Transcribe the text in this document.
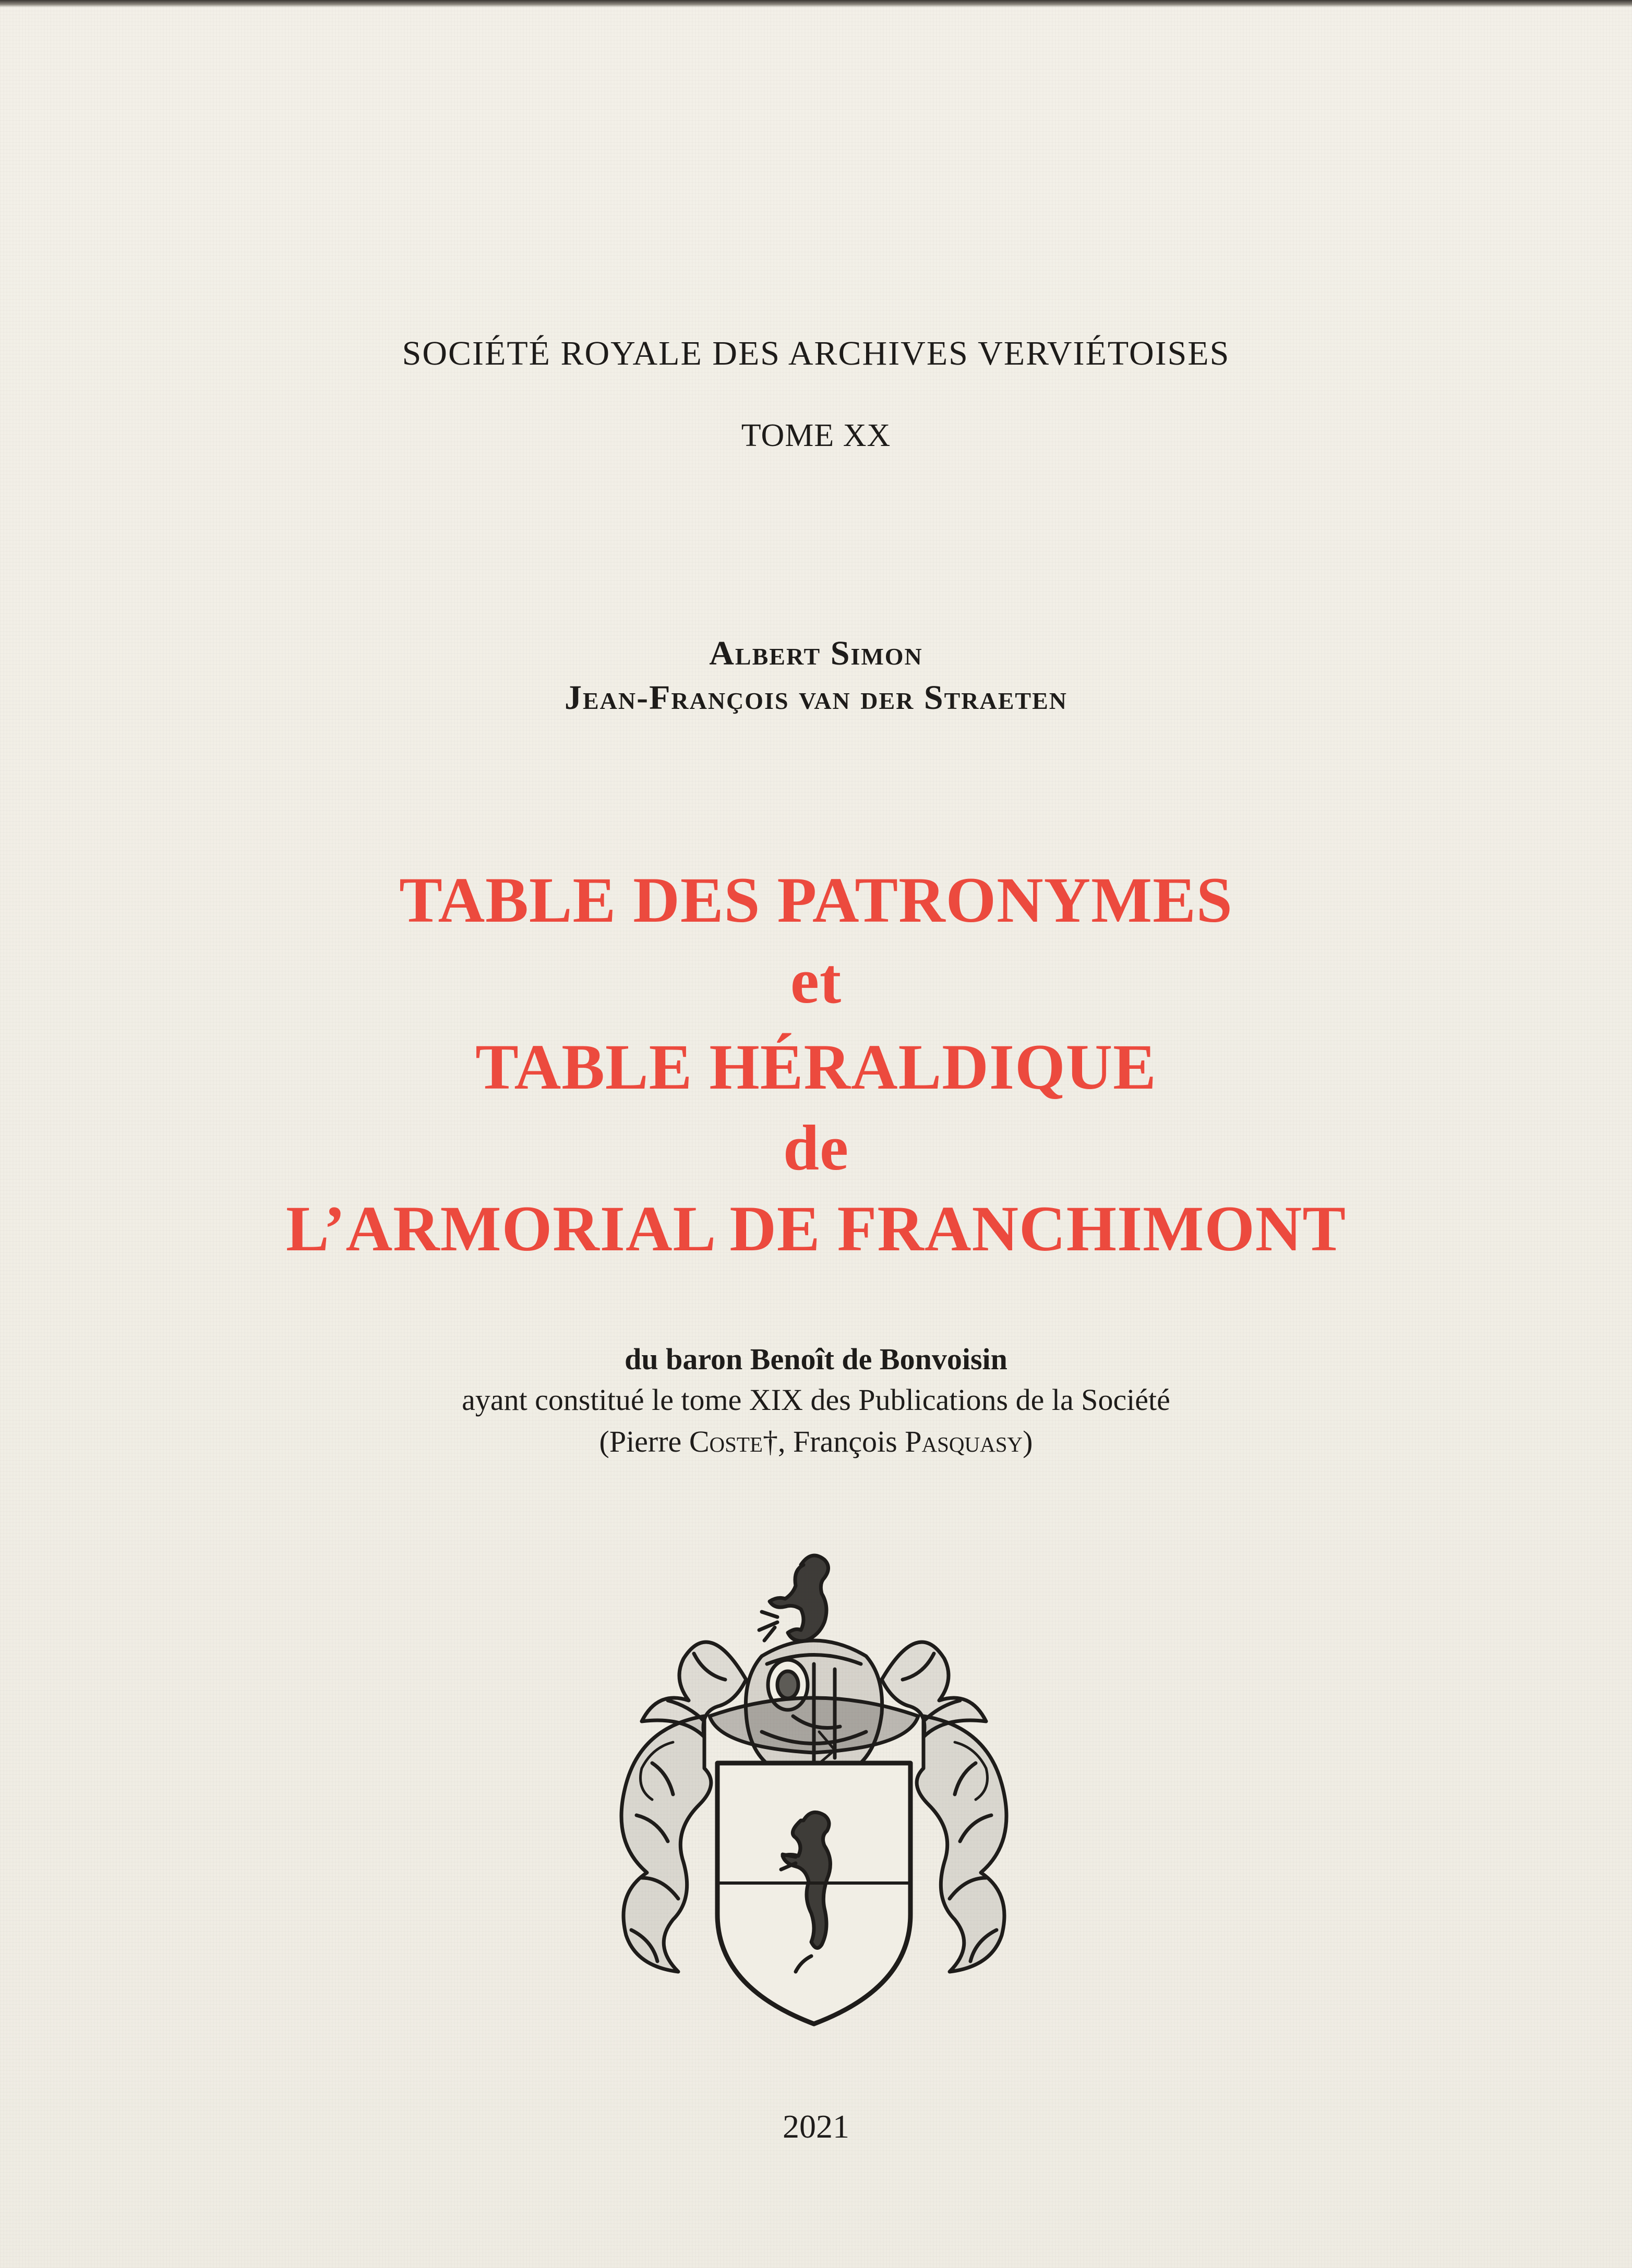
SOCIÉTÉ ROYALE DES ARCHIVES VERVIÉTOISES
TOME XX
Albert Simon
Jean-François van der Straeten
TABLE DES PATRONYMES
et
TABLE HÉRALDIQUE
de
L’ARMORIAL DE FRANCHIMONT
du baron Benoît de Bonvoisin
ayant constitué le tome XIX des Publications de la Société
(Pierre Coste†, François Pasquasy)
2021
